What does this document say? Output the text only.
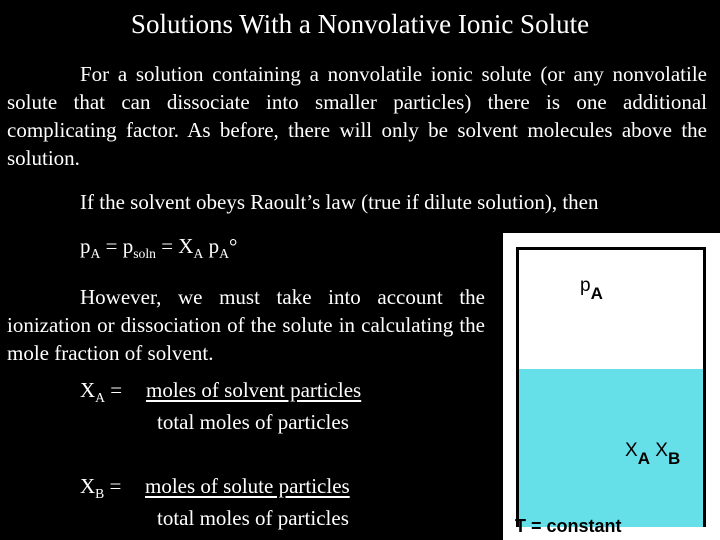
Solutions With a Nonvolative Ionic Solute
For a solution containing a nonvolatile ionic solute (or any nonvolatile solute that can dissociate into smaller particles) there is one additional complicating factor. As before, there will only be solvent molecules above the solution.
If the solvent obeys Raoult’s law (true if dilute solution), then
$p_A = p_{soln} = X_A$ $p_A^\circ$
However, we must take into account the ionization or dissociation of the solute in calculating the mole fraction of solvent.
$X_A$ = moles of solvent particles
total moles of particles
$X_B$ = moles of solute particles
total moles of particles
pA
XA XB
T = constant
